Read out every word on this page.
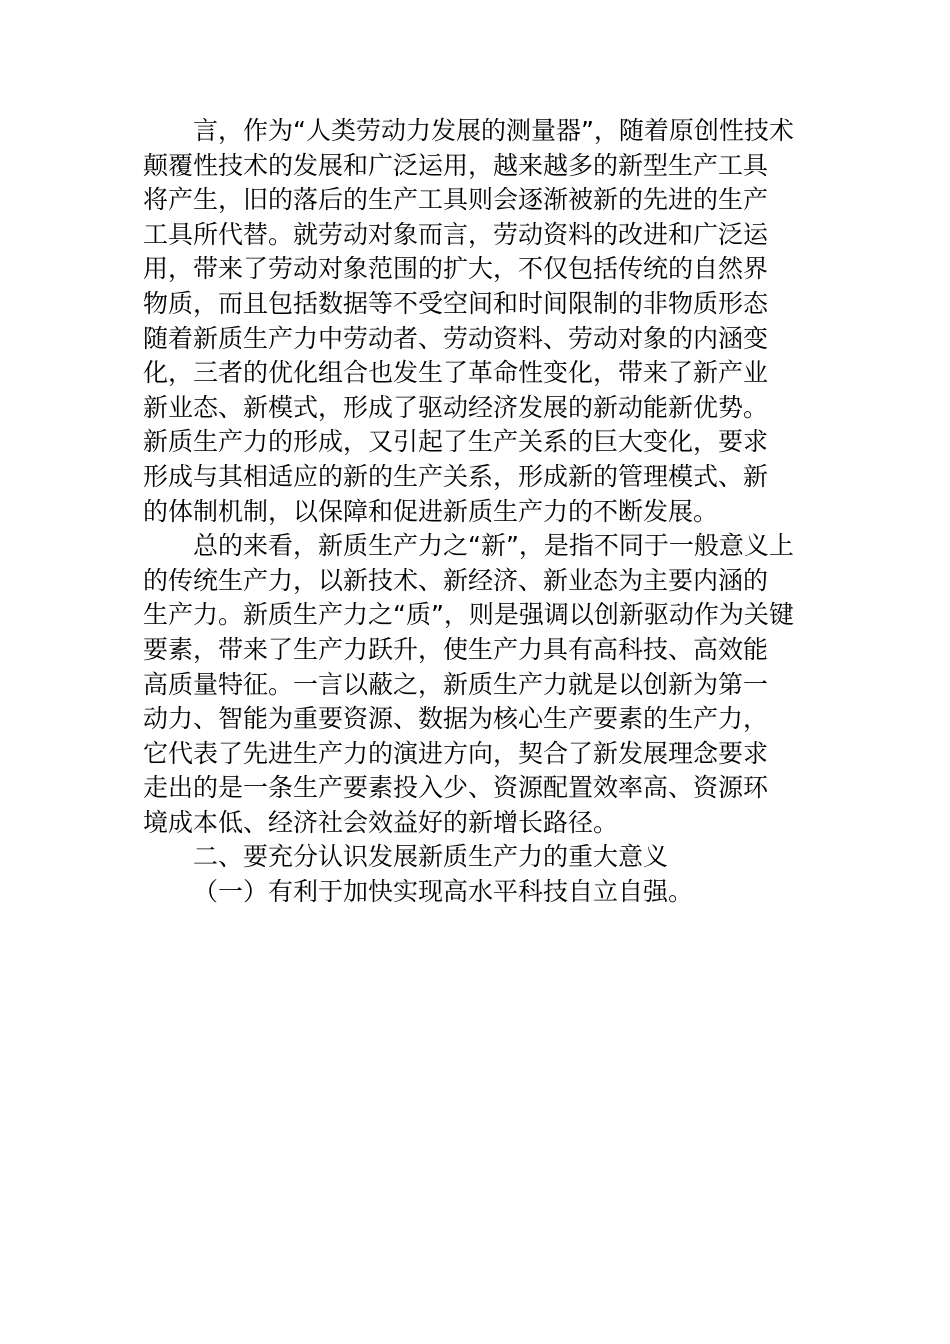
言，作为“人类劳动力发展的测量器”，随着原创性技术
颠覆性技术的发展和广泛运用，越来越多的新型生产工具
将产生，旧的落后的生产工具则会逐渐被新的先进的生产
工具所代替。就劳动对象而言，劳动资料的改进和广泛运
用，带来了劳动对象范围的扩大，不仅包括传统的自然界
物质，而且包括数据等不受空间和时间限制的非物质形态
随着新质生产力中劳动者、劳动资料、劳动对象的内涵变
化，三者的优化组合也发生了革命性变化，带来了新产业
新业态、新模式，形成了驱动经济发展的新动能新优势。
新质生产力的形成，又引起了生产关系的巨大变化，要求
形成与其相适应的新的生产关系，形成新的管理模式、新
的体制机制，以保障和促进新质生产力的不断发展。
总的来看，新质生产力之“新”，是指不同于一般意义上
的传统生产力，以新技术、新经济、新业态为主要内涵的
生产力。新质生产力之“质”，则是强调以创新驱动作为关键
要素，带来了生产力跃升，使生产力具有高科技、高效能
高质量特征。一言以蔽之，新质生产力就是以创新为第一
动力、智能为重要资源、数据为核心生产要素的生产力，
它代表了先进生产力的演进方向，契合了新发展理念要求
走出的是一条生产要素投入少、资源配置效率高、资源环
境成本低、经济社会效益好的新增长路径。
二、要充分认识发展新质生产力的重大意义
（一）有利于加快实现高水平科技自立自强。
